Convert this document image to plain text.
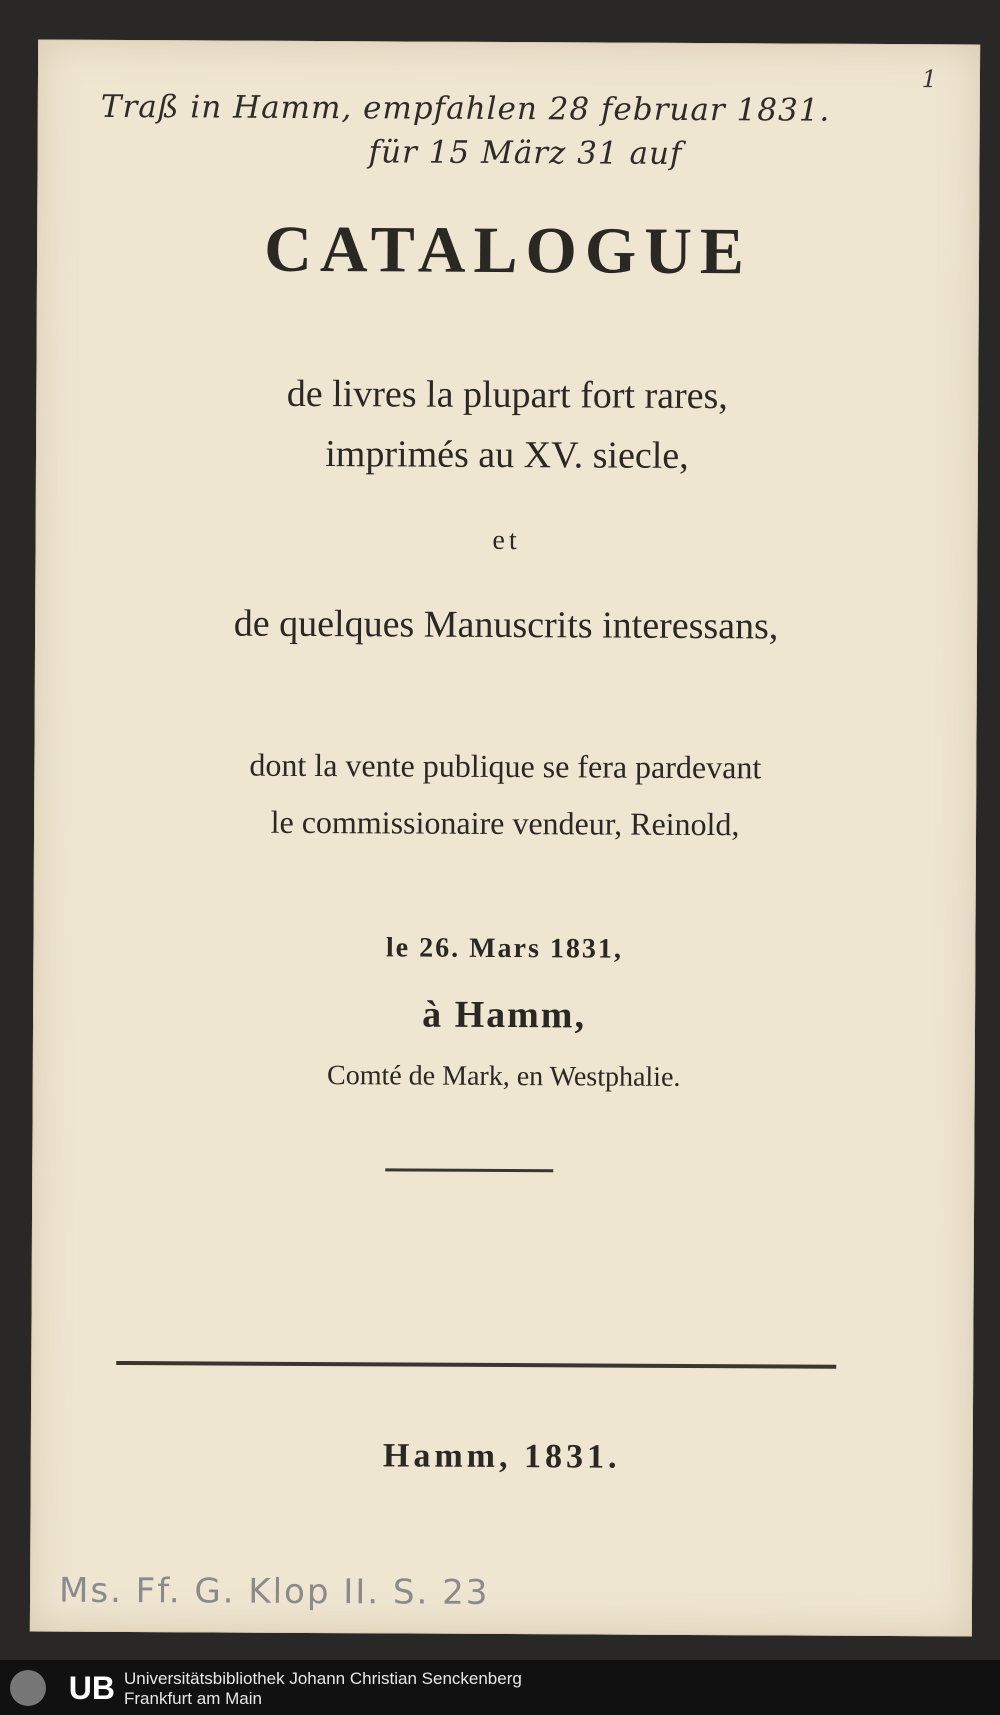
Traß in Hamm, empfahlen 28 februar 1831.
für 15 März 31 auf
1
CATALOGUE
de livres la plupart fort rares,
imprimés au XV. siecle,
et
de quelques Manuscrits interessans,
dont la vente publique se fera pardevant
le commissionaire vendeur, Reinold,
le 26. Mars 1831,
à Hamm,
Comté de Mark, en Westphalie.
Hamm, 1831.
Ms. Ff. G. Klop II. S. 23
UB Universitätsbibliothek Johann Christian Senckenberg
Frankfurt am Main
